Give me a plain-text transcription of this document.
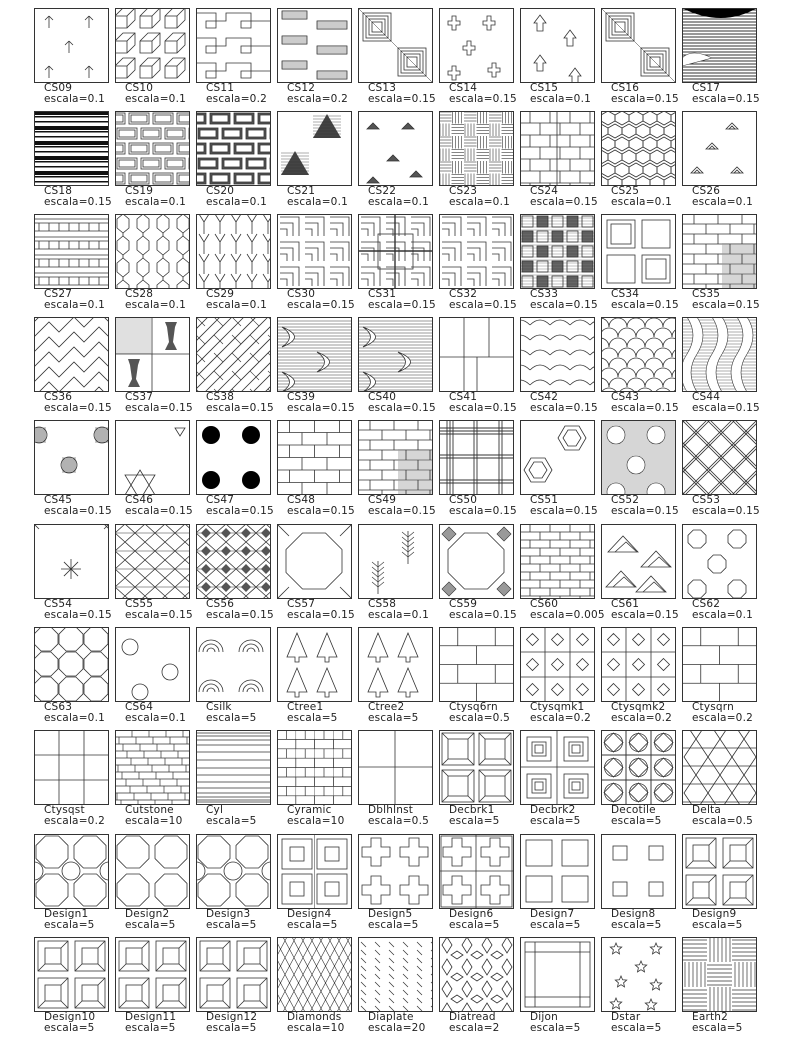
CS09
escala=0.1
CS10
escala=0.1
CS11
escala=0.2
CS12
escala=0.2
CS13
escala=0.15
CS14
escala=0.15
CS15
escala=0.1
CS16
escala=0.15
CS17
escala=0.15
CS18
escala=0.15
CS19
escala=0.1
CS20
escala=0.1
CS21
escala=0.1
CS22
escala=0.1
CS23
escala=0.1
CS24
escala=0.15
CS25
escala=0.1
CS26
escala=0.1
CS27
escala=0.1
CS28
escala=0.1
CS29
escala=0.1
CS30
escala=0.15
CS31
escala=0.15
CS32
escala=0.15
CS33
escala=0.15
CS34
escala=0.15
CS35
escala=0.15
CS36
escala=0.15
CS37
escala=0.15
CS38
escala=0.15
CS39
escala=0.15
CS40
escala=0.15
CS41
escala=0.15
CS42
escala=0.15
CS43
escala=0.15
CS44
escala=0.15
CS45
escala=0.15
CS46
escala=0.15
CS47
escala=0.15
CS48
escala=0.15
CS49
escala=0.15
CS50
escala=0.15
CS51
escala=0.15
CS52
escala=0.15
CS53
escala=0.15
CS54
escala=0.15
CS55
escala=0.15
CS56
escala=0.15
CS57
escala=0.15
CS58
escala=0.1
CS59
escala=0.15
CS60
escala=0.005
CS61
escala=0.15
CS62
escala=0.1
CS63
escala=0.1
CS64
escala=0.1
Csilk
escala=5
Ctree1
escala=5
Ctree2
escala=5
Ctysq6rn
escala=0.5
Ctysqmk1
escala=0.2
Ctysqmk2
escala=0.2
Ctysqrn
escala=0.2
Ctysqst
escala=0.2
Cutstone
escala=10
Cyl
escala=5
Cyramic
escala=10
Dblhlnst
escala=0.5
Decbrk1
escala=5
Decbrk2
escala=5
Decotile
escala=5
Delta
escala=0.5
Design1
escala=5
Design2
escala=5
Design3
escala=5
Design4
escala=5
Design5
escala=5
Design6
escala=5
Design7
escala=5
Design8
escala=5
Design9
escala=5
Design10
escala=5
Design11
escala=5
Design12
escala=5
Diamonds
escala=10
Diaplate
escala=20
Diatread
escala=2
Dijon
escala=5
Dstar
escala=5
Earth2
escala=5
